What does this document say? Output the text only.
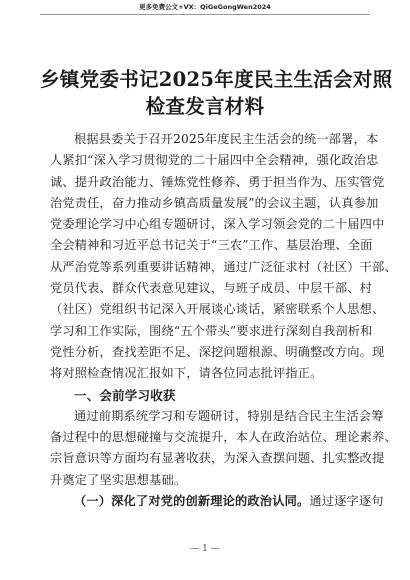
更多免费公文+VX：QiGeGongWen2024
乡镇党委书记2025年度民主生活会对照
检查发言材料
根据县委关于召开2025年度民主生活会的统一部署，本
人紧扣“深入学习贯彻党的二十届四中全会精神，强化政治忠
诚、提升政治能力、锤炼党性修养、勇于担当作为、压实管党
治党责任，奋力推动乡镇高质量发展”的会议主题，认真参加
党委理论学习中心组专题研讨，深入学习领会党的二十届四中
全会精神和习近平总书记关于“三农”工作、基层治理、全面
从严治党等系列重要讲话精神，通过广泛征求村（社区）干部、
党员代表、群众代表意见建议，与班子成员、中层干部、村
（社区）党组织书记深入开展谈心谈话，紧密联系个人思想、
学习和工作实际，围绕“五个带头”要求进行深刻自我剖析和
党性分析，查找差距不足、深挖问题根源、明确整改方向。现
将对照检查情况汇报如下，请各位同志批评指正。
一、会前学习收获
通过前期系统学习和专题研讨，特别是结合民主生活会筹
备过程中的思想碰撞与交流提升，本人在政治站位、理论素养、
宗旨意识等方面均有显著收获，为深入查摆问题、扎实整改提
升奠定了坚实思想基础。
（一）深化了对党的创新理论的政治认同。通过逐字逐句
— 1 —
